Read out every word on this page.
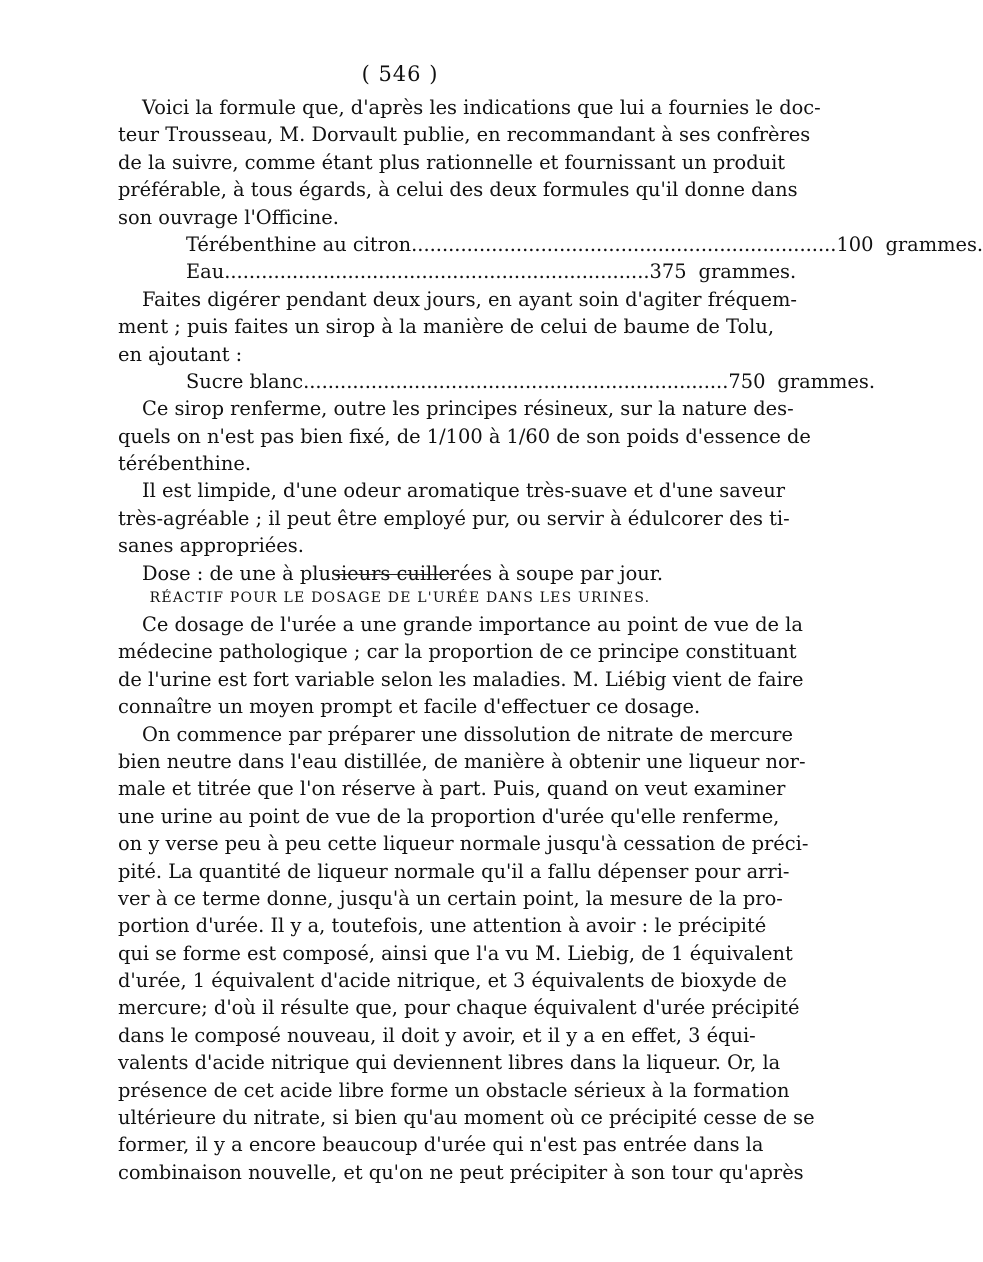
( 546 )
Voici la formule que, d'après les indications que lui a fournies le doc-
teur Trousseau, M. Dorvault publie, en recommandant à ses confrères
de la suivre, comme étant plus rationnelle et fournissant un produit
préférable, à tous égards, à celui des deux formules qu'il donne dans
son ouvrage l'Officine.
Térébenthine au citron ..................................................................... 100 grammes.
Eau ..................................................................... 375 grammes.
Faites digérer pendant deux jours, en ayant soin d'agiter fréquem-
ment ; puis faites un sirop à la manière de celui de baume de Tolu,
en ajoutant :
Sucre blanc ..................................................................... 750 grammes.
Ce sirop renferme, outre les principes résineux, sur la nature des-
quels on n'est pas bien fixé, de 1/100 à 1/60 de son poids d'essence de
térébenthine.
Il est limpide, d'une odeur aromatique très-suave et d'une saveur
très-agréable ; il peut être employé pur, ou servir à édulcorer des ti-
sanes appropriées.
Dose : de une à plusieurs cuillerées à soupe par jour.
RÉACTIF POUR LE DOSAGE DE L'URÉE DANS LES URINES.
Ce dosage de l'urée a une grande importance au point de vue de la
médecine pathologique ; car la proportion de ce principe constituant
de l'urine est fort variable selon les maladies. M. Liébig vient de faire
connaître un moyen prompt et facile d'effectuer ce dosage.
On commence par préparer une dissolution de nitrate de mercure
bien neutre dans l'eau distillée, de manière à obtenir une liqueur nor-
male et titrée que l'on réserve à part. Puis, quand on veut examiner
une urine au point de vue de la proportion d'urée qu'elle renferme,
on y verse peu à peu cette liqueur normale jusqu'à cessation de préci-
pité. La quantité de liqueur normale qu'il a fallu dépenser pour arri-
ver à ce terme donne, jusqu'à un certain point, la mesure de la pro-
portion d'urée. Il y a, toutefois, une attention à avoir : le précipité
qui se forme est composé, ainsi que l'a vu M. Liebig, de 1 équivalent
d'urée, 1 équivalent d'acide nitrique, et 3 équivalents de bioxyde de
mercure; d'où il résulte que, pour chaque équivalent d'urée précipité
dans le composé nouveau, il doit y avoir, et il y a en effet, 3 équi-
valents d'acide nitrique qui deviennent libres dans la liqueur. Or, la
présence de cet acide libre forme un obstacle sérieux à la formation
ultérieure du nitrate, si bien qu'au moment où ce précipité cesse de se
former, il y a encore beaucoup d'urée qui n'est pas entrée dans la
combinaison nouvelle, et qu'on ne peut précipiter à son tour qu'après
